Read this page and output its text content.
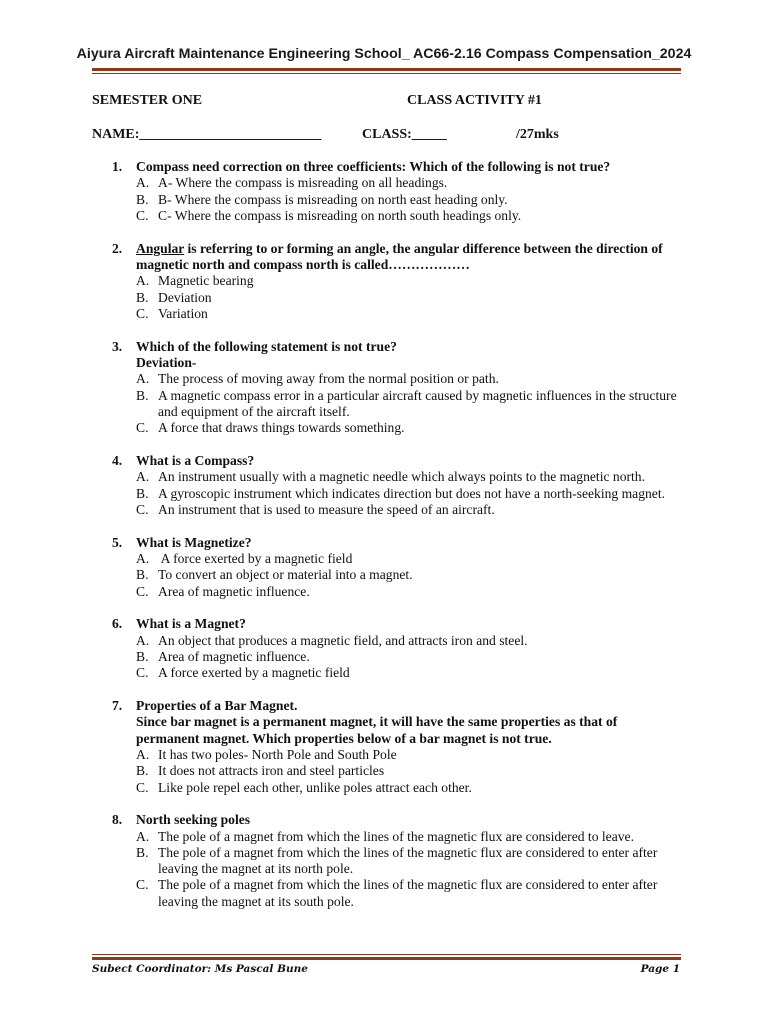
Aiyura Aircraft Maintenance Engineering School_ AC66-2.16 Compass Compensation_2024
SEMESTER ONE	CLASS ACTIVITY #1
NAME:__________________________	CLASS:_____	/27mks
1. Compass need correction on three coefficients: Which of the following is not true?
A. A- Where the compass is misreading on all headings.
B. B- Where the compass is misreading on north east heading only.
C. C- Where the compass is misreading on north south headings only.
2. Angular is referring to or forming an angle, the angular difference between the direction of magnetic north and compass north is called………………
A. Magnetic bearing
B. Deviation
C. Variation
3. Which of the following statement is not true?
Deviation-
A. The process of moving away from the normal position or path.
B. A magnetic compass error in a particular aircraft caused by magnetic influences in the structure and equipment of the aircraft itself.
C. A force that draws things towards something.
4. What is a Compass?
A. An instrument usually with a magnetic needle which always points to the magnetic north.
B. A gyroscopic instrument which indicates direction but does not have a north-seeking magnet.
C. An instrument that is used to measure the speed of an aircraft.
5. What is Magnetize?
A. A force exerted by a magnetic field
B. To convert an object or material into a magnet.
C. Area of magnetic influence.
6. What is a Magnet?
A. An object that produces a magnetic field, and attracts iron and steel.
B. Area of magnetic influence.
C. A force exerted by a magnetic field
7. Properties of a Bar Magnet.
Since bar magnet is a permanent magnet, it will have the same properties as that of permanent magnet. Which properties below of a bar magnet is not true.
A. It has two poles- North Pole and South Pole
B. It does not attracts iron and steel particles
C. Like pole repel each other, unlike poles attract each other.
8. North seeking poles
A. The pole of a magnet from which the lines of the magnetic flux are considered to leave.
B. The pole of a magnet from which the lines of the magnetic flux are considered to enter after leaving the magnet at its north pole.
C. The pole of a magnet from which the lines of the magnetic flux are considered to enter after leaving the magnet at its south pole.
Subect Coordinator: Ms Pascal Bune	Page 1
